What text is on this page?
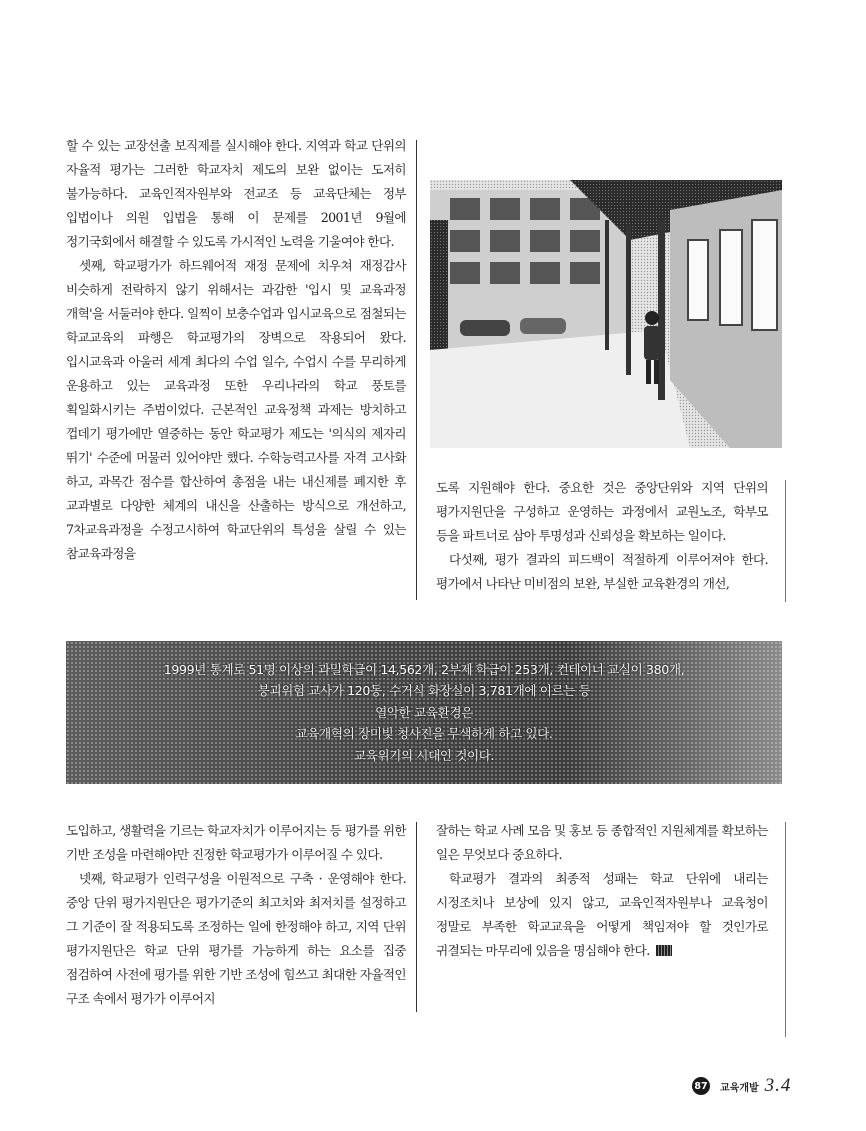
할 수 있는 교장선출 보직제를 실시해야 한다. 지역과 학교 단위의 자율적 평가는 그러한 학교자치 제도의 보완 없이는 도저히 불가능하다. 교육인적자원부와 전교조 등 교육단체는 정부 입법이나 의원 입법을 통해 이 문제를 2001년 9월에 정기국회에서 해결할 수 있도록 가시적인 노력을 기울여야 한다.

셋째, 학교평가가 하드웨어적 재정 문제에 치우쳐 재정감사 비슷하게 전락하지 않기 위해서는 과감한 '입시 및 교육과정 개혁'을 서둘러야 한다. 일찍이 보충수업과 입시교육으로 점철되는 학교교육의 파행은 학교평가의 장벽으로 작용되어 왔다. 입시교육과 아울러 세계 최다의 수업 일수, 수업시 수를 무리하게 운용하고 있는 교육과정 또한 우리나라의 학교 풍토를 획일화시키는 주범이었다. 근본적인 교육정책 과제는 방치하고 껍데기 평가에만 열중하는 동안 학교평가 제도는 '의식의 제자리 뛰기' 수준에 머물러 있어야만 했다. 수학능력고사를 자격 고사화 하고, 과목간 점수를 합산하여 총점을 내는 내신제를 폐지한 후 교과별로 다양한 체계의 내신을 산출하는 방식으로 개선하고, 7차교육과정을 수정고시하여 학교단위의 특성을 살릴 수 있는 참교육과정을

도록 지원해야 한다. 중요한 것은 중앙단위와 지역 단위의 평가지원단을 구성하고 운영하는 과정에서 교원노조, 학부모 등을 파트너로 삼아 투명성과 신뢰성을 확보하는 일이다.

다섯째, 평가 결과의 피드백이 적절하게 이루어져야 한다. 평가에서 나타난 미비점의 보완, 부실한 교육환경의 개선,

1999년 통계로 51명 이상의 과밀학급이 14,562개, 2부제 학급이 253개, 컨테이너 교실이 380개,
붕괴위험 교사가 120동, 수거식 화장실이 3,781개에 이르는 등
열악한 교육환경은
교육개혁의 장미빛 청사진을 무색하게 하고 있다.
교육위기의 시대인 것이다.

도입하고, 생활력을 기르는 학교자치가 이루어지는 등 평가를 위한 기반 조성을 마련해야만 진정한 학교평가가 이루어질 수 있다.

넷째, 학교평가 인력구성을 이원적으로 구축 · 운영해야 한다. 중앙 단위 평가지원단은 평가기준의 최고치와 최저치를 설정하고 그 기준이 잘 적용되도록 조정하는 일에 한정해야 하고, 지역 단위 평가지원단은 학교 단위 평가를 가능하게 하는 요소를 집중 점검하여 사전에 평가를 위한 기반 조성에 힘쓰고 최대한 자율적인 구조 속에서 평가가 이루어지

잘하는 학교 사례 모음 및 홍보 등 종합적인 지원체계를 확보하는 일은 무엇보다 중요하다.

학교평가 결과의 최종적 성패는 학교 단위에 내리는 시정조치나 보상에 있지 않고, 교육인적자원부나 교육청이 정말로 부족한 학교교육을 어떻게 책임져야 할 것인가로 귀결되는 마무리에 있음을 명심해야 한다.

87 교육개발 3.4
